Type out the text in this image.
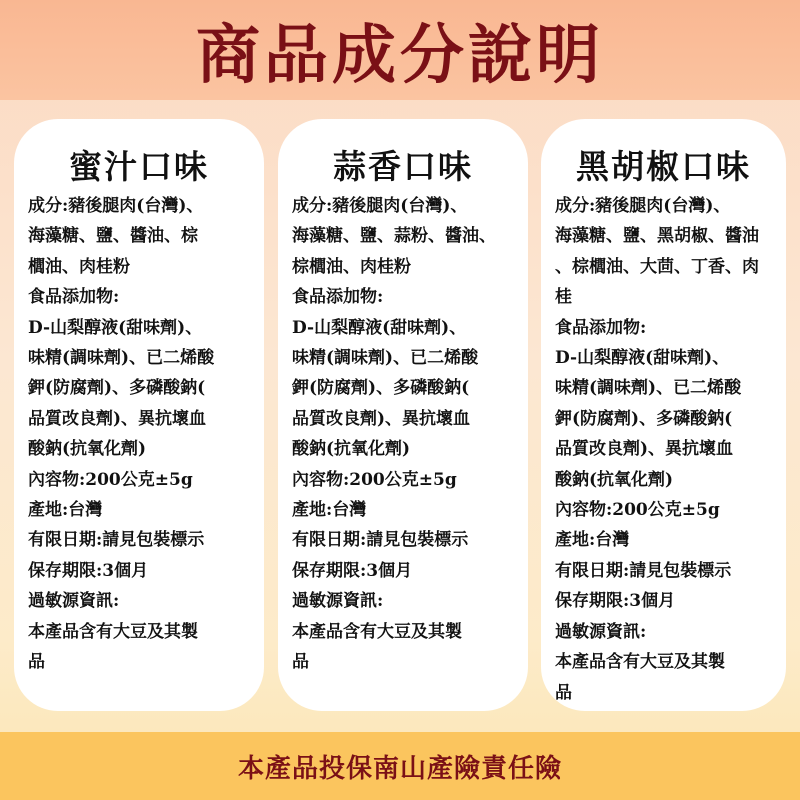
商品成分說明
蜜汁口味
成分:豬後腿肉(台灣)、
海藻糖、鹽、醬油、棕
櫚油、肉桂粉
食品添加物:
D-山梨醇液(甜味劑)、
味精(調味劑)、已二烯酸
鉀(防腐劑)、多磷酸鈉(
品質改良劑)、異抗壞血
酸鈉(抗氧化劑)
內容物:200公克±5g
產地:台灣
有限日期:請見包裝標示
保存期限:3個月
過敏源資訊:
本產品含有大豆及其製
品
蒜香口味
成分:豬後腿肉(台灣)、
海藻糖、鹽、蒜粉、醬油、
棕櫚油、肉桂粉
食品添加物:
D-山梨醇液(甜味劑)、
味精(調味劑)、已二烯酸
鉀(防腐劑)、多磷酸鈉(
品質改良劑)、異抗壞血
酸鈉(抗氧化劑)
內容物:200公克±5g
產地:台灣
有限日期:請見包裝標示
保存期限:3個月
過敏源資訊:
本產品含有大豆及其製
品
黑胡椒口味
成分:豬後腿肉(台灣)、
海藻糖、鹽、黑胡椒、醬油
、棕櫚油、大茴、丁香、肉
桂
食品添加物:
D-山梨醇液(甜味劑)、
味精(調味劑)、已二烯酸
鉀(防腐劑)、多磷酸鈉(
品質改良劑)、異抗壞血
酸鈉(抗氧化劑)
內容物:200公克±5g
產地:台灣
有限日期:請見包裝標示
保存期限:3個月
過敏源資訊:
本產品含有大豆及其製
品
本產品投保南山產險責任險
